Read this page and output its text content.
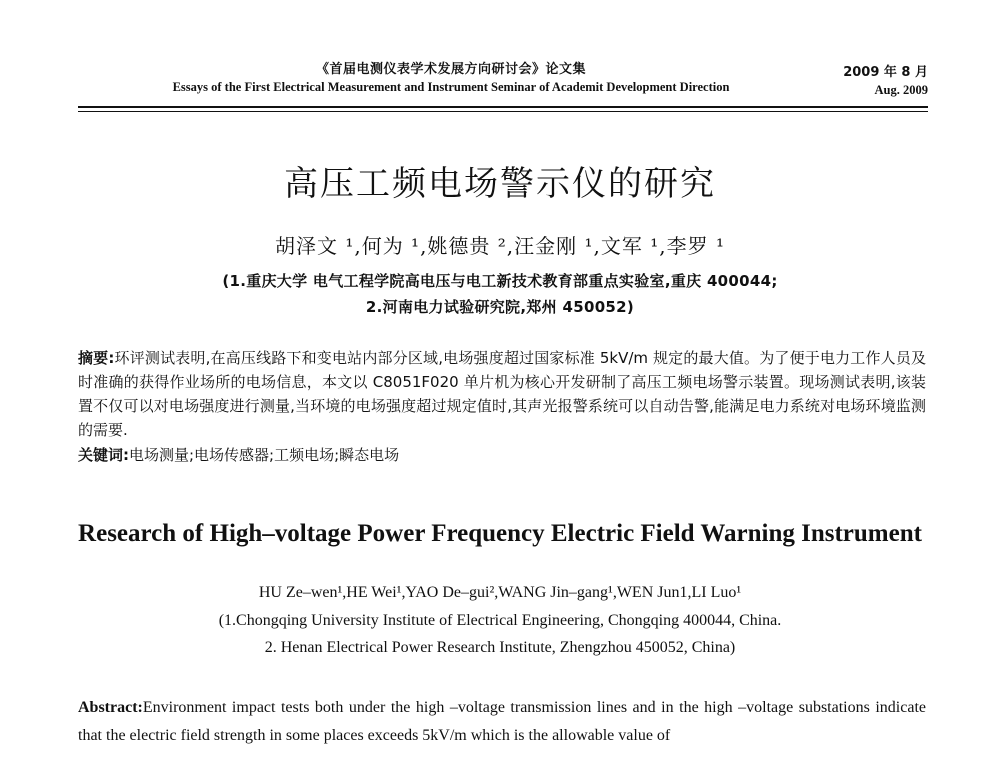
《首届电测仪表学术发展方向研讨会》论文集
Essays of the First Electrical Measurement and Instrument Seminar of Academit Development Direction
2009 年 8 月
Aug. 2009
高压工频电场警示仪的研究
胡泽文 ¹,何为 ¹,姚德贵 ²,汪金刚 ¹,文军 ¹,李罗 ¹
(1.重庆大学 电气工程学院高电压与电工新技术教育部重点实验室,重庆 400044;
2.河南电力试验研究院,郑州 450052)
摘要:环评测试表明,在高压线路下和变电站内部分区域,电场强度超过国家标准 5kV/m 规定的最大值。为了便于电力工作人员及时准确的获得作业场所的电场信息，本文以 C8051F020 单片机为核心开发研制了高压工频电场警示装置。现场测试表明,该装置不仅可以对电场强度进行测量,当环境的电场强度超过规定值时,其声光报警系统可以自动告警,能满足电力系统对电场环境监测的需要.
关键词:电场测量;电场传感器;工频电场;瞬态电场
Research of High–voltage Power Frequency Electric Field Warning Instrument
HU Ze–wen¹,HE Wei¹,YAO De–gui²,WANG Jin–gang¹,WEN Jun1,LI Luo¹
(1.Chongqing University Institute of Electrical Engineering, Chongqing 400044, China.
2. Henan Electrical Power Research Institute, Zhengzhou 450052, China)
Abstract:Environment impact tests both under the high –voltage transmission lines and in the high –voltage substations indicate that the electric field strength in some places exceeds 5kV/m which is the allowable value of
